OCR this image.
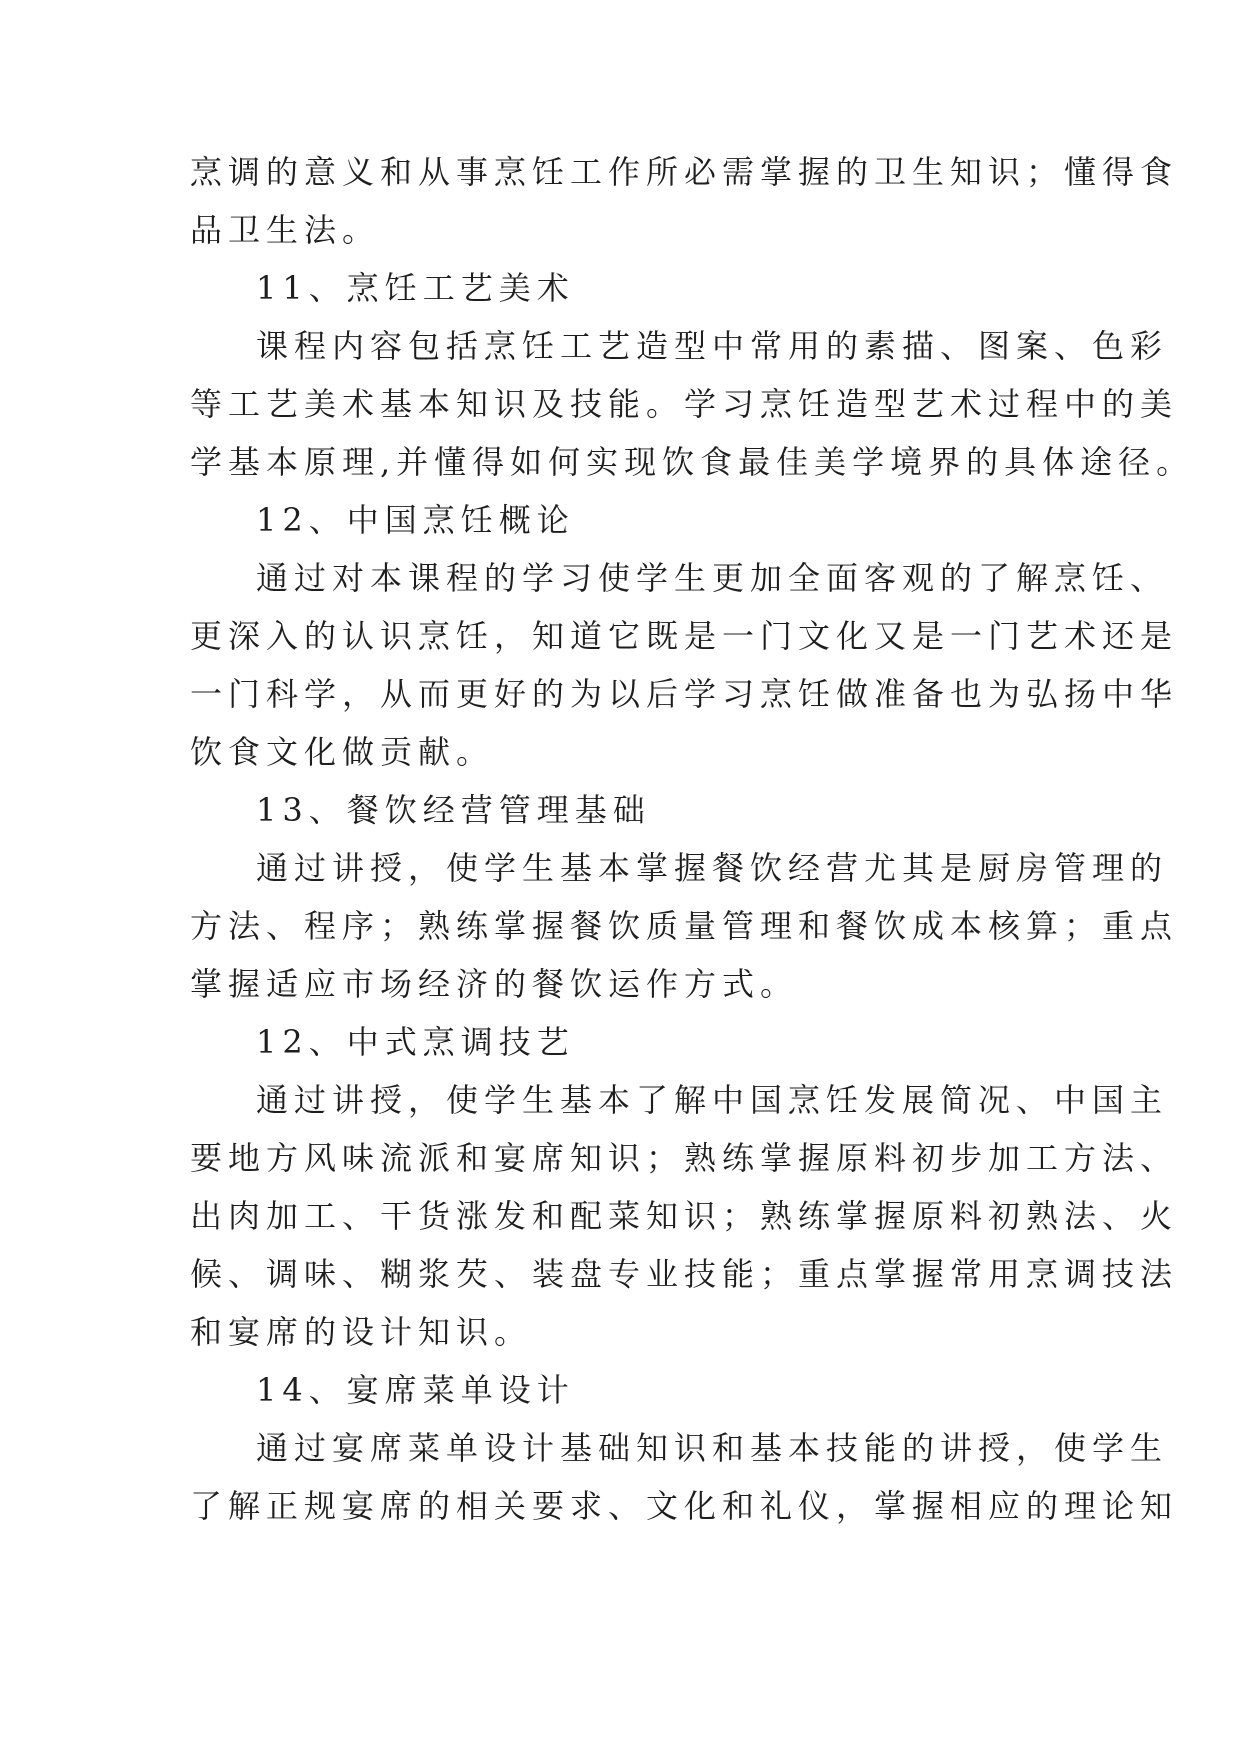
烹调的意义和从事烹饪工作所必需掌握的卫生知识；懂得食
品卫生法。
11、烹饪工艺美术
课程内容包括烹饪工艺造型中常用的素描、图案、色彩
等工艺美术基本知识及技能。学习烹饪造型艺术过程中的美
学基本原理,并懂得如何实现饮食最佳美学境界的具体途径。
12、中国烹饪概论
通过对本课程的学习使学生更加全面客观的了解烹饪、
更深入的认识烹饪，知道它既是一门文化又是一门艺术还是
一门科学，从而更好的为以后学习烹饪做准备也为弘扬中华
饮食文化做贡献。
13、餐饮经营管理基础
通过讲授，使学生基本掌握餐饮经营尤其是厨房管理的
方法、程序；熟练掌握餐饮质量管理和餐饮成本核算；重点
掌握适应市场经济的餐饮运作方式。
12、中式烹调技艺
通过讲授，使学生基本了解中国烹饪发展简况、中国主
要地方风味流派和宴席知识；熟练掌握原料初步加工方法、
出肉加工、干货涨发和配菜知识；熟练掌握原料初熟法、火
候、调味、糊浆芡、装盘专业技能；重点掌握常用烹调技法
和宴席的设计知识。
14、宴席菜单设计
通过宴席菜单设计基础知识和基本技能的讲授，使学生
了解正规宴席的相关要求、文化和礼仪，掌握相应的理论知
